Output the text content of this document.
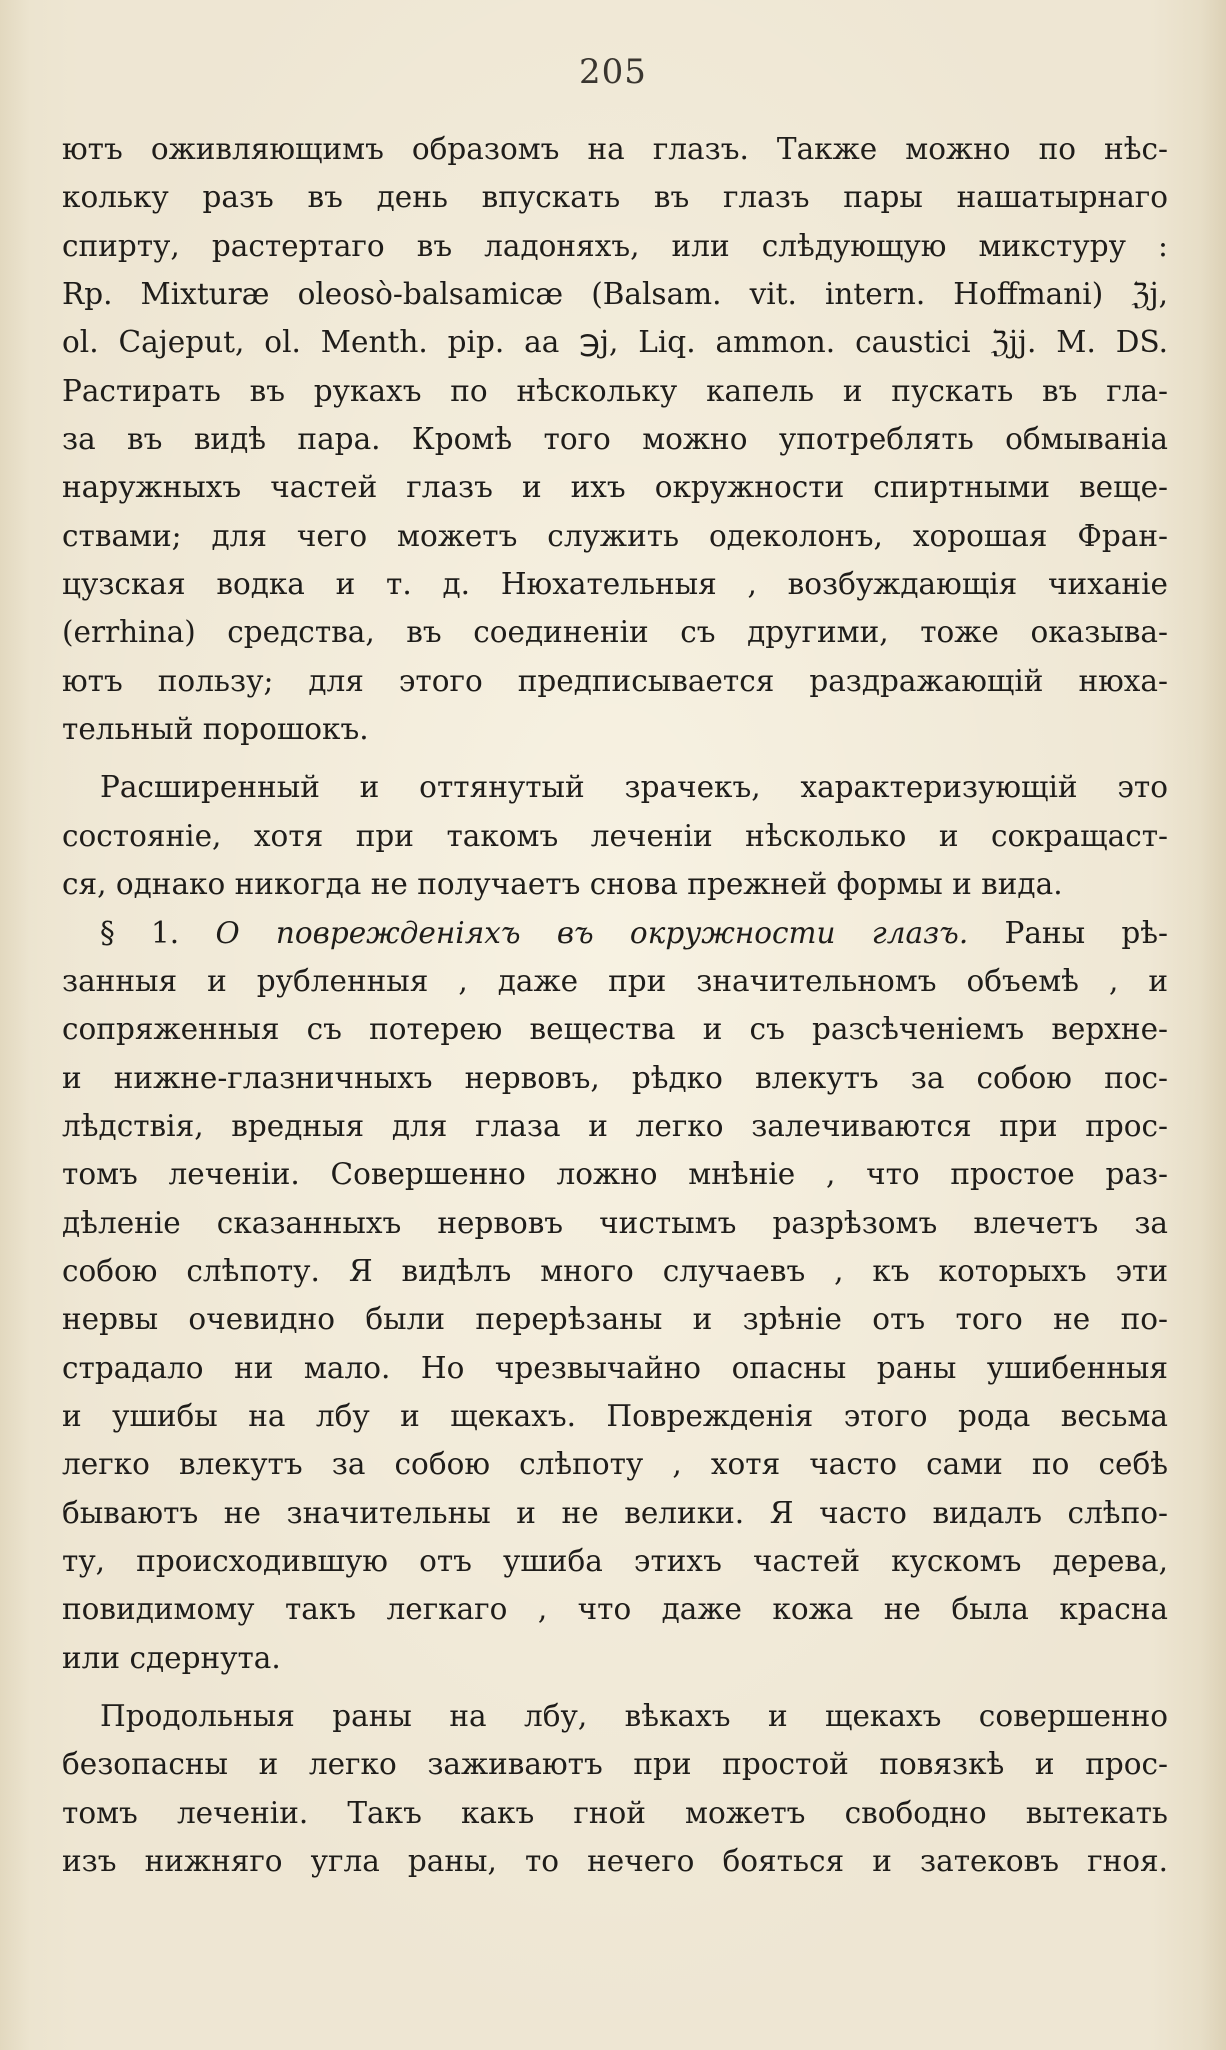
205
ютъ оживляющимъ образомъ на глазъ. Также можно по нѣс-
кольку разъ въ день впускать въ глазъ пары нашатырнаго
спирту, растертаго въ ладоняхъ, или слѣдующую микстуру :
Rp. Mixturæ oleosò-balsamicæ (Balsam. vit. intern. Hoffmani) ℨj,
ol. Cajeput, ol. Menth. pip. aa ℈j, Liq. ammon. caustici ℨjj. M. DS.
Растирать въ рукахъ по нѣскольку капель и пускать въ гла-
за въ видѣ пара. Кромѣ того можно употреблять обмываніа
наружныхъ частей глазъ и ихъ окружности спиртными веще-
ствами; для чего можетъ служить одеколонъ, хорошая Фран-
цузская водка и т. д. Нюхательныя , возбуждающія чиханіе
(errhina) средства, въ соединеніи съ другими, тоже оказыва-
ютъ пользу; для этого предписывается раздражающій нюха-
тельный порошокъ.
Расширенный и оттянутый зрачекъ, характеризующій это
состояніе, хотя при такомъ леченіи нѣсколько и сокращаст-
ся, однако никогда не получаетъ снова прежней формы и вида.
§ 1. О поврежденіяхъ въ окружности глазъ. Раны рѣ-
занныя и рубленныя , даже при значительномъ объемѣ , и
сопряженныя съ потерею вещества и съ разсѣченіемъ верхне-
и нижне-глазничныхъ нервовъ, рѣдко влекутъ за собою пос-
лѣдствія, вредныя для глаза и легко залечиваются при прос-
томъ леченіи. Совершенно ложно мнѣніе , что простое раз-
дѣленіе сказанныхъ нервовъ чистымъ разрѣзомъ влечетъ за
собою слѣпоту. Я видѣлъ много случаевъ , къ которыхъ эти
нервы очевидно были перерѣзаны и зрѣніе отъ того не по-
страдало ни мало. Но чрезвычайно опасны раны ушибенныя
и ушибы на лбу и щекахъ. Поврежденія этого рода весьма
легко влекутъ за собою слѣпоту , хотя часто сами по себѣ
бываютъ не значительны и не велики. Я часто видалъ слѣпо-
ту, происходившую отъ ушиба этихъ частей кускомъ дерева,
повидимому такъ легкаго , что даже кожа не была красна
или сдернута.
Продольныя раны на лбу, вѣкахъ и щекахъ совершенно
безопасны и легко заживаютъ при простой повязкѣ и прос-
томъ леченіи. Такъ какъ гной можетъ свободно вытекать
изъ нижняго угла раны, то нечего бояться и затековъ гноя.
